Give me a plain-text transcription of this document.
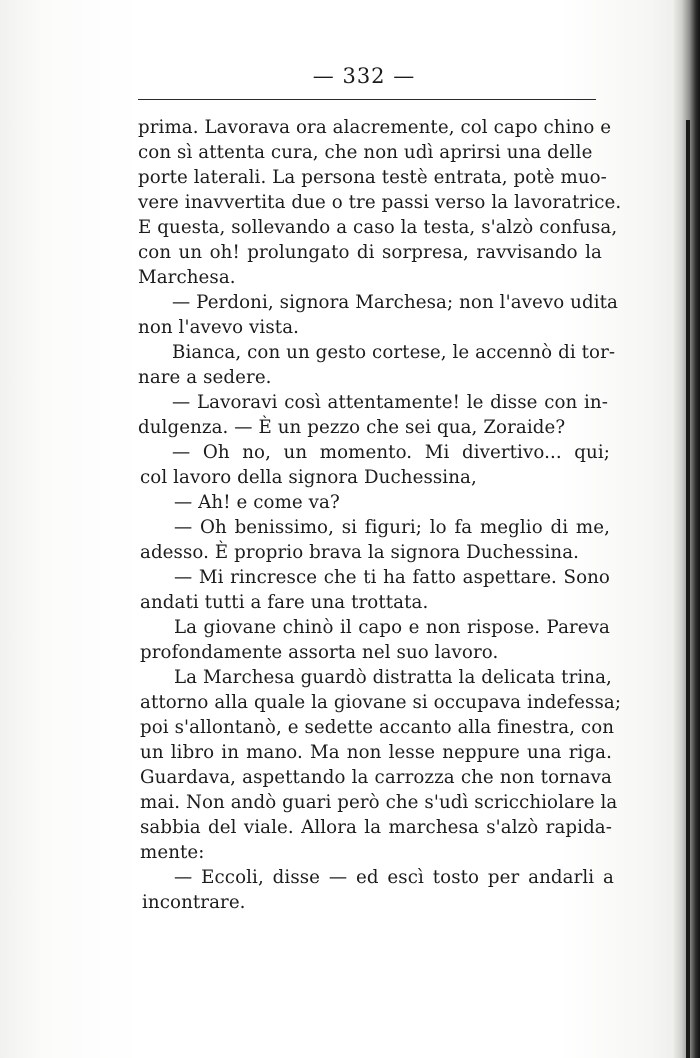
— 332 —
prima. Lavorava ora alacremente, col capo chino e
con sì attenta cura, che non udì aprirsi una delle
porte laterali. La persona testè entrata, potè muo-
vere inavvertita due o tre passi verso la lavoratrice.
E questa, sollevando a caso la testa, s'alzò confusa,
con un oh! prolungato di sorpresa, ravvisando la
Marchesa.
— Perdoni, signora Marchesa; non l'avevo udita
non l'avevo vista.
Bianca, con un gesto cortese, le accennò di tor-
nare a sedere.
— Lavoravi così attentamente! le disse con in-
dulgenza. — È un pezzo che sei qua, Zoraide?
— Oh no, un momento. Mi divertivo... qui;
col lavoro della signora Duchessina,
— Ah! e come va?
— Oh benissimo, si figuri; lo fa meglio di me,
adesso. È proprio brava la signora Duchessina.
— Mi rincresce che ti ha fatto aspettare. Sono
andati tutti a fare una trottata.
La giovane chinò il capo e non rispose. Pareva
profondamente assorta nel suo lavoro.
La Marchesa guardò distratta la delicata trina,
attorno alla quale la giovane si occupava indefessa;
poi s'allontanò, e sedette accanto alla finestra, con
un libro in mano. Ma non lesse neppure una riga.
Guardava, aspettando la carrozza che non tornava
mai. Non andò guari però che s'udì scricchiolare la
sabbia del viale. Allora la marchesa s'alzò rapida-
mente:
— Eccoli, disse — ed escì tosto per andarli a
incontrare.
